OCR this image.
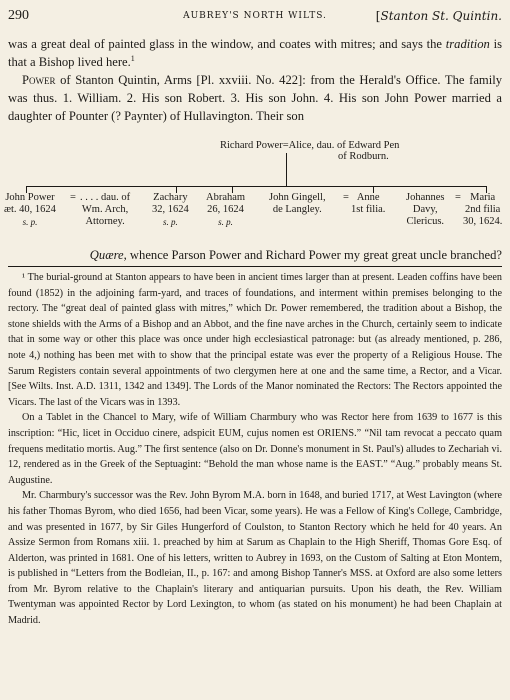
290	AUBREY'S NORTH WILTS.
[	Stanton St. Quintin.

was a great deal of painted glass in the window, and coates with mitres; and says the tradition is that a Bishop lived here.$^1$

Power of Stanton Quintin, Arms [Pl. xxviii. No. 422]: from the Herald's Office. The family was thus. 1. William. 2. His son Robert. 3. His son John. 4. His son John Power married a daughter of Pounter (? Paynter) of Hullavington. Their son

Richard Power=Alice, dau. of Edward Pen
of Rodburn.
John Power
æt. 40, 1624
s. p.
= . . . . dau. of
Wm. Arch,
Attorney.
Zachary
32, 1624
s. p.
Abraham
26, 1624
s. p.
John Gingell,
de Langley.
= Anne
1st filia.
Johannes
Davy,
Clericus.
= Maria
2nd filia
30, 1624.
Quære, whence Parson Power and Richard Power my great great uncle branched?

¹ The burial-ground at Stanton appears to have been in ancient times larger than at present. Leaden coffins have been found (1852) in the adjoining farm-yard, and traces of foundations, and interment within premises belonging to the rectory. The “great deal of painted glass with mitres,” which Dr. Power remembered, the tradition about a Bishop, the stone shields with the Arms of a Bishop and an Abbot, and the fine nave arches in the Church, certainly seem to indicate that in some way or other this place was once under high ecclesiastical patronage: but (as already mentioned, p. 286, note 4,) nothing has been met with to show that the principal estate was ever the property of a Religious House. The Sarum Registers contain several appointments of two clergymen here at one and the same time, a Rector, and a Vicar. [See Wilts. Inst. A.D. 1311, 1342 and 1349]. The Lords of the Manor nominated the Rectors: The Rectors appointed the Vicars. The last of the Vicars was in 1393.

On a Tablet in the Chancel to Mary, wife of William Charmbury who was Rector here from 1639 to 1677 is this inscription: “Hic, licet in Occiduo cinere, adspicit EUM, cujus nomen est ORIENS.” “Nil tam revocat a peccato quam frequens meditatio mortis. Aug.” The first sentence (also on Dr. Donne's monument in St. Paul's) alludes to Zechariah vi. 12, rendered as in the Greek of the Septuagint: “Behold the man whose name is the EAST.” “Aug.” probably means St. Augustine.

Mr. Charmbury's successor was the Rev. John Byrom M.A. born in 1648, and buried 1717, at West Lavington (where his father Thomas Byrom, who died 1656, had been Vicar, some years). He was a Fellow of King's College, Cambridge, and was presented in 1677, by Sir Giles Hungerford of Coulston, to Stanton Rectory which he held for 40 years. An Assize Sermon from Romans xiii. 1. preached by him at Sarum as Chaplain to the High Sheriff, Thomas Gore Esq. of Alderton, was printed in 1681. One of his letters, written to Aubrey in 1693, on the Custom of Salting at Eton Montem, is published in “Letters from the Bodleian, II., p. 167: and among Bishop Tanner's MSS. at Oxford are also some letters from Mr. Byrom relative to the Chaplain's literary and antiquarian pursuits. Upon his death, the Rev. William Twentyman was appointed Rector by Lord Lexington, to whom (as stated on his monument) he had been Chaplain at Madrid.
